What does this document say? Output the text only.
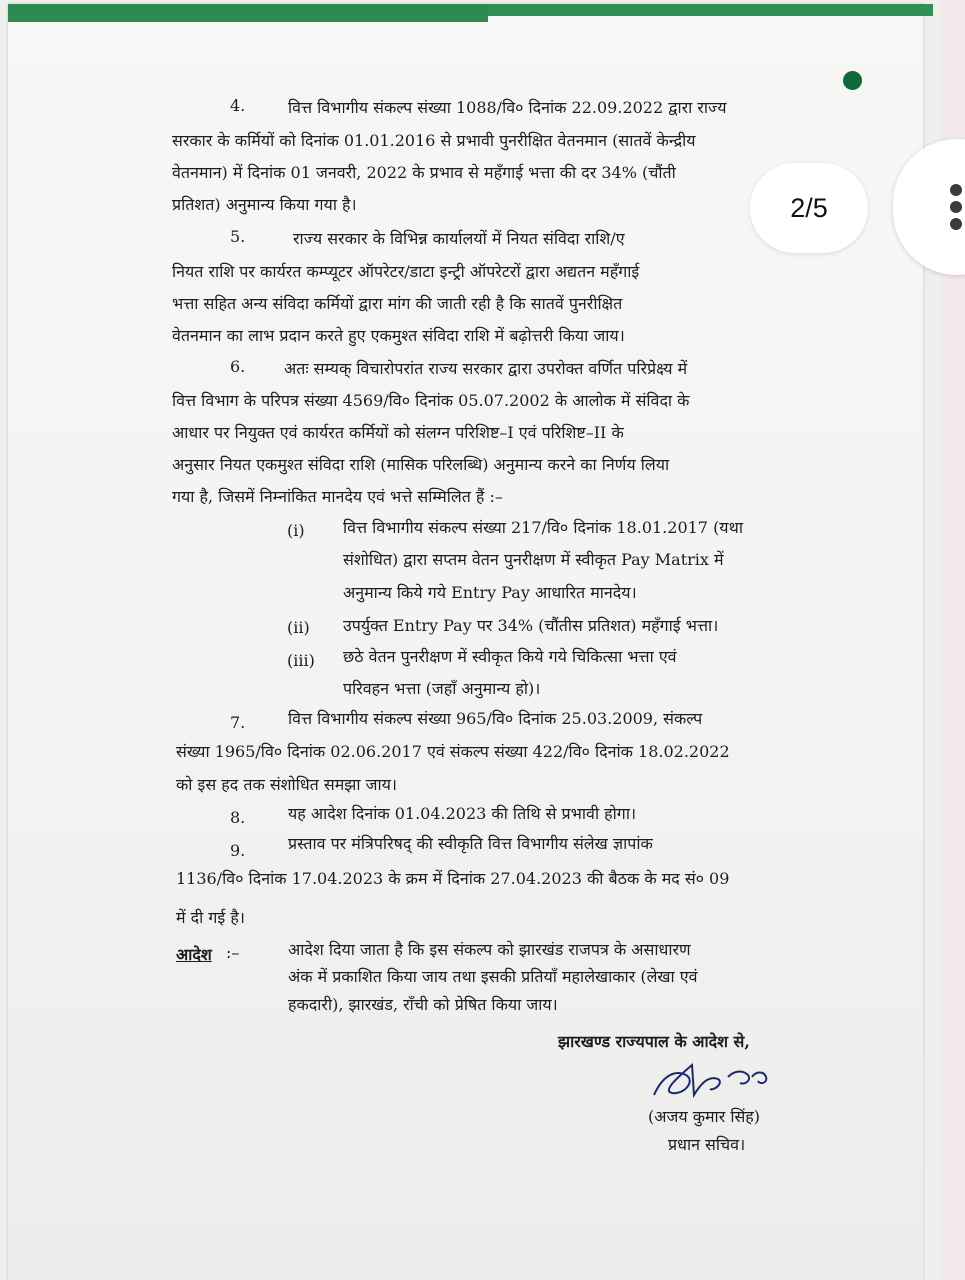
4.	वित्त विभागीय संकल्प संख्या 1088/वि० दिनांक 22.09.2022 द्वारा राज्य
सरकार के कर्मियों को दिनांक 01.01.2016 से प्रभावी पुनरीक्षित वेतनमान (सातवें केन्द्रीय
वेतनमान) में दिनांक 01 जनवरी, 2022 के प्रभाव से महँगाई भत्ता की दर 34% (चौंती
प्रतिशत) अनुमान्य किया गया है।
5.	राज्य सरकार के विभिन्न कार्यालयों में नियत संविदा राशि/ए
नियत राशि पर कार्यरत कम्प्यूटर ऑपरेटर/डाटा इन्ट्री ऑपरेटरों द्वारा अद्यतन महँगाई
भत्ता सहित अन्य संविदा कर्मियों द्वारा मांग की जाती रही है कि सातवें पुनरीक्षित
वेतनमान का लाभ प्रदान करते हुए एकमुश्त संविदा राशि में बढ़ोत्तरी किया जाय।
6. अतः सम्यक् विचारोपरांत राज्य सरकार द्वारा उपरोक्त वर्णित परिप्रेक्ष्य में
वित्त विभाग के परिपत्र संख्या 4569/वि० दिनांक 05.07.2002 के आलोक में संविदा के
आधार पर नियुक्त एवं कार्यरत कर्मियों को संलग्न परिशिष्ट–I एवं परिशिष्ट–II के
अनुसार नियत एकमुश्त संविदा राशि (मासिक परिलब्धि) अनुमान्य करने का निर्णय लिया
गया है, जिसमें निम्नांकित मानदेय एवं भत्ते सम्मिलित हैं :–
(i) वित्त विभागीय संकल्प संख्या 217/वि० दिनांक 18.01.2017 (यथा
संशोधित) द्वारा सप्तम वेतन पुनरीक्षण में स्वीकृत Pay Matrix में
अनुमान्य किये गये Entry Pay आधारित मानदेय।
(ii) उपर्युक्त Entry Pay पर 34% (चौंतीस प्रतिशत) महँगाई भत्ता।
(iii) छठे वेतन पुनरीक्षण में स्वीकृत किये गये चिकित्सा भत्ता एवं
परिवहन भत्ता (जहाँ अनुमान्य हो)।
7.	वित्त विभागीय संकल्प संख्या 965/वि० दिनांक 25.03.2009, संकल्प
संख्या 1965/वि० दिनांक 02.06.2017 एवं संकल्प संख्या 422/वि० दिनांक 18.02.2022
को इस हद तक संशोधित समझा जाय।
8.	यह आदेश दिनांक 01.04.2023 की तिथि से प्रभावी होगा।
9.	प्रस्ताव पर मंत्रिपरिषद् की स्वीकृति वित्त विभागीय संलेख ज्ञापांक
1136/वि० दिनांक 17.04.2023 के क्रम में दिनांक 27.04.2023 की बैठक के मद सं० 09
में दी गई है।
आदेश :–	आदेश दिया जाता है कि इस संकल्प को झारखंड राजपत्र के असाधारण
अंक में प्रकाशित किया जाय तथा इसकी प्रतियाँ महालेखाकार (लेखा एवं
हकदारी), झारखंड, राँची को प्रेषित किया जाय।
झारखण्ड राज्यपाल के आदेश से,
(अजय कुमार सिंह)
प्रधान सचिव।
2/5
